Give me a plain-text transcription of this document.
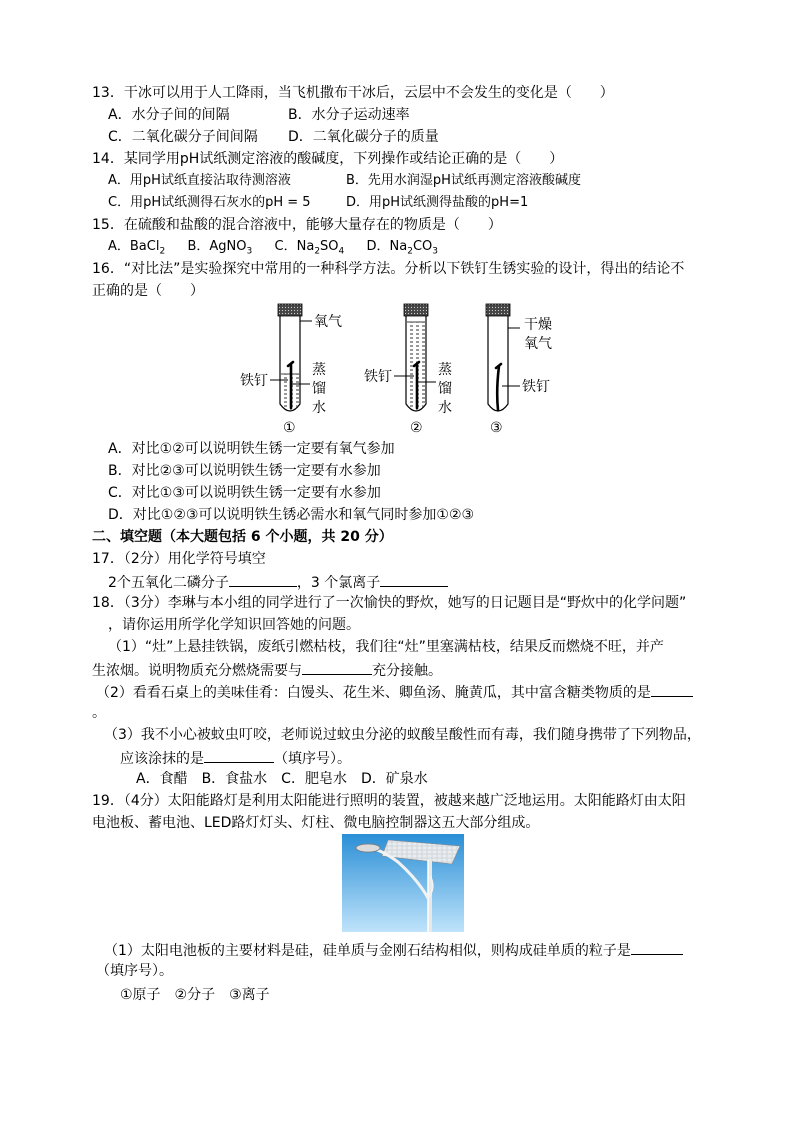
13．干冰可以用于人工降雨，当飞机撒布干冰后，云层中不会发生的变化是（　　）
A．水分子间的间隔	B．水分子运动速率
C．二氧化碳分子间间隔 D．二氧化碳分子的质量
14．某同学用pH试纸测定溶液的酸碱度，下列操作或结论正确的是（　　）
A．用pH试纸直接沾取待测溶液	B．先用水润湿pH试纸再测定溶液酸碱度
C．用pH试纸测得石灰水的pH = 5	D．用pH试纸测得盐酸的pH=1
15．在硫酸和盐酸的混合溶液中，能够大量存在的物质是（　　）
A．BaCl$_2$ B．AgNO$_3$ C．$Na_2SO_4$ D．$Na_2CO_3$
16．“对比法”是实验探究中常用的一种科学方法。分析以下铁钉生锈实验的设计，得出的结论不
正确的是（　　）
氧气
铁钉
蒸
馏
水
①
铁钉	蒸
馏
水
②
干燥
氧气
铁钉
③
A．对比①②可以说明铁生锈一定要有氧气参加
B．对比②③可以说明铁生锈一定要有水参加
C．对比①③可以说明铁生锈一定要有水参加
D．对比①②③可以说明铁生锈必需水和氧气同时参加①②③
二、填空题（本大题包括 6 个小题，共 20 分）
17．（2分）用化学符号填空
2个五氧化二磷分子	，3 个氯离子
18．（3分）李琳与本小组的同学进行了一次愉快的野炊，她写的日记题目是“野炊中的化学问题”
，请你运用所学化学知识回答她的问题。
（1）“灶”上悬挂铁锅，废纸引燃枯枝，我们往“灶”里塞满枯枝，结果反而燃烧不旺，并产
生浓烟。说明物质充分燃烧需要与	充分接触。
（2）看看石桌上的美味佳肴：白馒头、花生米、卿鱼汤、腌黄瓜，其中富含糖类物质的是
。
（3）我不小心被蚊虫叮咬，老师说过蚊虫分泌的蚁酸呈酸性而有毒，我们随身携带了下列物品，
应该涂抹的是	（填序号）。
A．食醋　B．食盐水　C．肥皂水　D．矿泉水
19．（4分）太阳能路灯是利用太阳能进行照明的装置，被越来越广泛地运用。太阳能路灯由太阳
电池板、蓄电池、LED路灯灯头、灯柱、微电脑控制器这五大部分组成。
（1）太阳电池板的主要材料是硅，硅单质与金刚石结构相似，则构成硅单质的粒子是
（填序号）。
①原子　②分子　③离子
